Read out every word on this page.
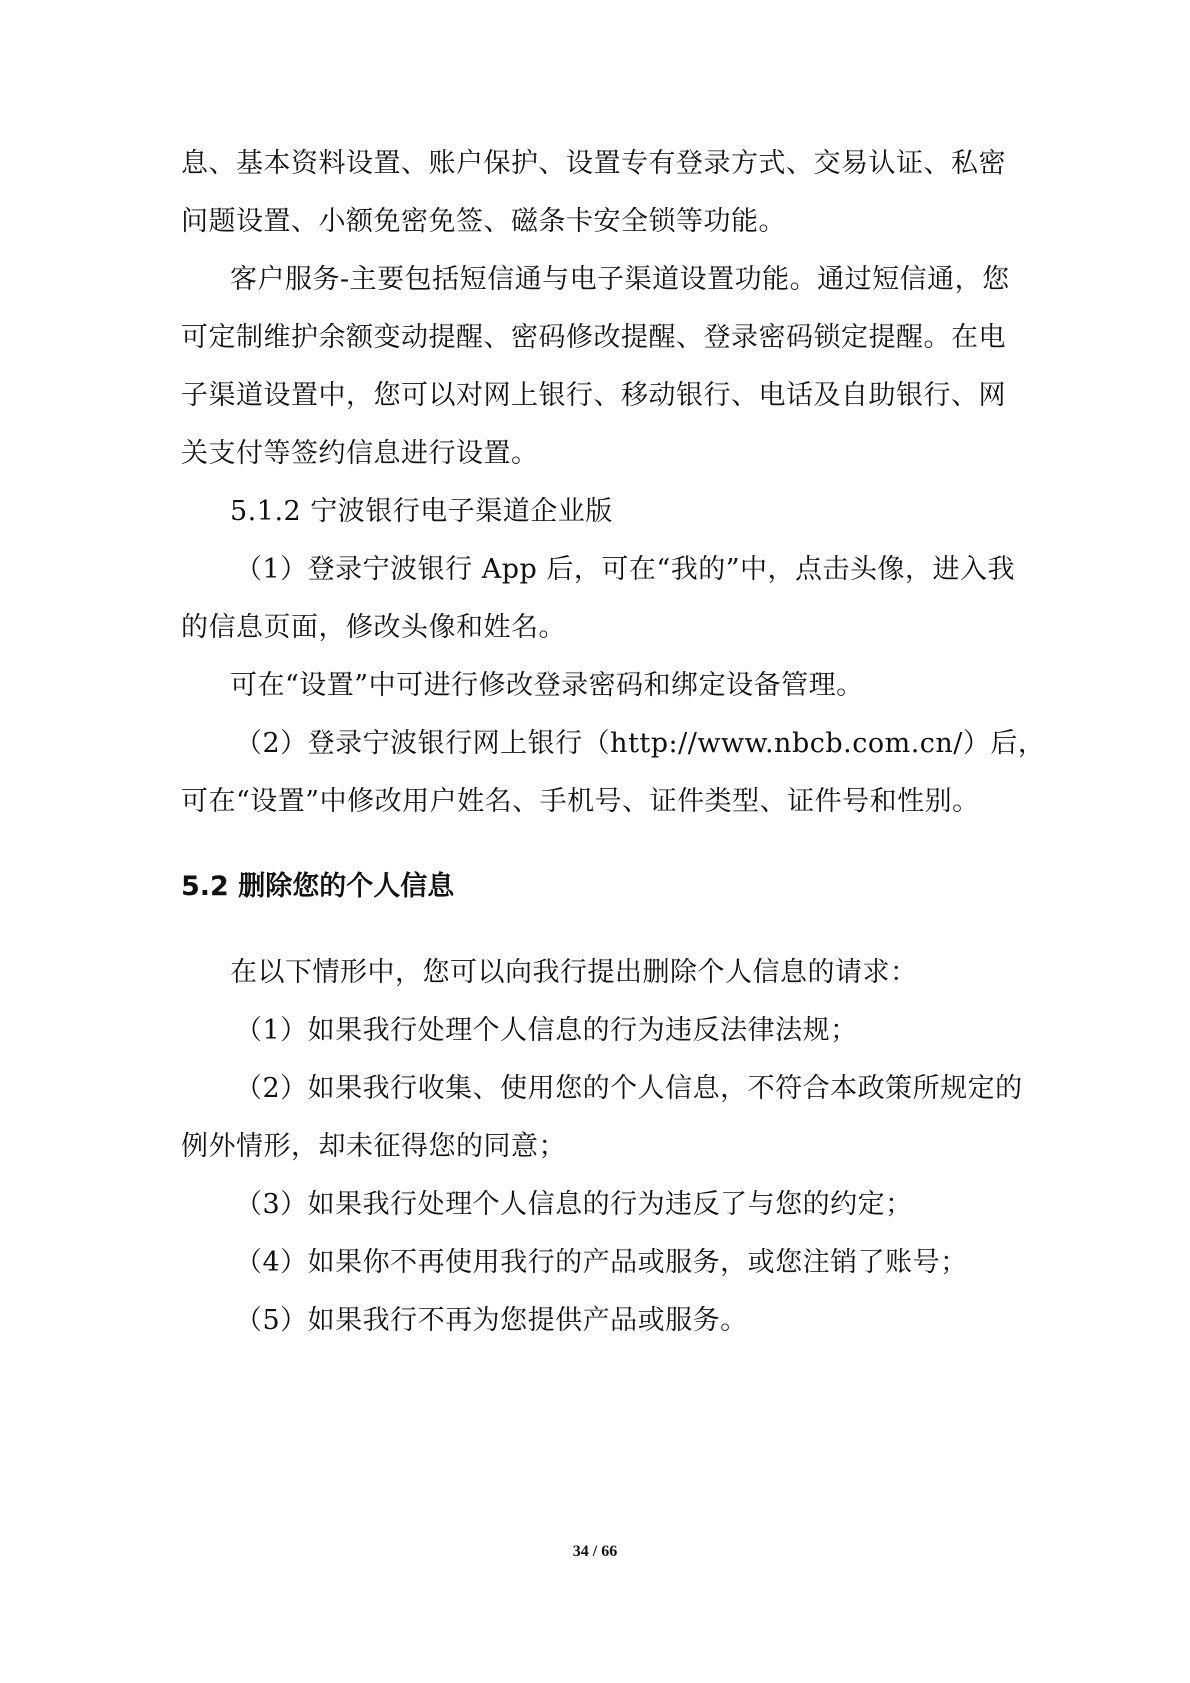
息、基本资料设置、账户保护、设置专有登录方式、交易认证、私密
问题设置、小额免密免签、磁条卡安全锁等功能。
客户服务-主要包括短信通与电子渠道设置功能。通过短信通，您
可定制维护余额变动提醒、密码修改提醒、登录密码锁定提醒。在电
子渠道设置中，您可以对网上银行、移动银行、电话及自助银行、网
关支付等签约信息进行设置。
5.1.2 宁波银行电子渠道企业版
（1）登录宁波银行 App 后，可在“我的”中，点击头像，进入我
的信息页面，修改头像和姓名。
可在“设置”中可进行修改登录密码和绑定设备管理。
（2）登录宁波银行网上银行（http://www.nbcb.com.cn/）后，
可在“设置”中修改用户姓名、手机号、证件类型、证件号和性别。
5.2 删除您的个人信息
在以下情形中，您可以向我行提出删除个人信息的请求：
（1）如果我行处理个人信息的行为违反法律法规；
（2）如果我行收集、使用您的个人信息，不符合本政策所规定的
例外情形，却未征得您的同意；
（3）如果我行处理个人信息的行为违反了与您的约定；
（4）如果你不再使用我行的产品或服务，或您注销了账号；
（5）如果我行不再为您提供产品或服务。
34 / 66
